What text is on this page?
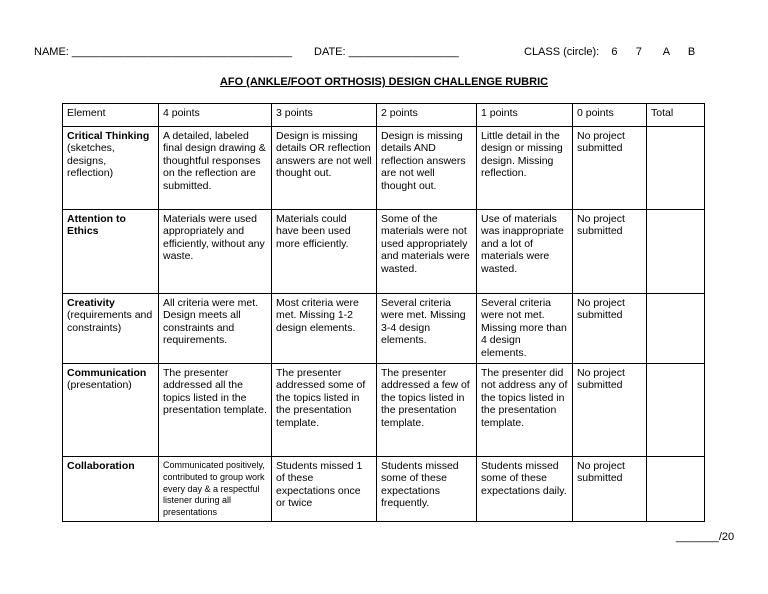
NAME: ____________________________________

DATE: __________________

	CLASS (circle):    6      7       A      B

AFO (ANKLE/FOOT ORTHOSIS) DESIGN CHALLENGE RUBRIC
Element	4 points	3 points	2 points	1 points	0 points	Total

Critical Thinking
(sketches, designs, reflection)	A detailed, labeled final design drawing & thoughtful responses on the reflection are submitted.	Design is missing details OR reflection answers are not well thought out.	Design is missing details AND reflection answers are not well thought out.	Little detail in the design or missing design. Missing reflection.	No project submitted	

Attention to Ethics	Materials were used appropriately and efficiently, without any waste.	Materials could have been used more efficiently.	Some of the materials were not used appropriately and materials were wasted.	Use of materials was inappropriate and a lot of materials were wasted.	No project submitted	

Creativity
(requirements and constraints)	All criteria were met. Design meets all constraints and requirements.	Most criteria were met. Missing 1-2 design elements.	Several criteria were met. Missing 3-4 design elements.	Several criteria were not met. Missing more than 4 design elements.	No project submitted	

Communication
(presentation)	The presenter addressed all the topics listed in the presentation template.	The presenter addressed some of the topics listed in the presentation template.	The presenter addressed a few of the topics listed in the presentation template.	The presenter did not address any of the topics listed in the presentation template.	No project submitted	

Collaboration	Communicated positively, contributed to group work every day & a respectful listener during all presentations	Students missed 1 of these expectations once or twice	Students missed some of these expectations frequently.	Students missed some of these expectations daily.	No project submitted	
_______/20
